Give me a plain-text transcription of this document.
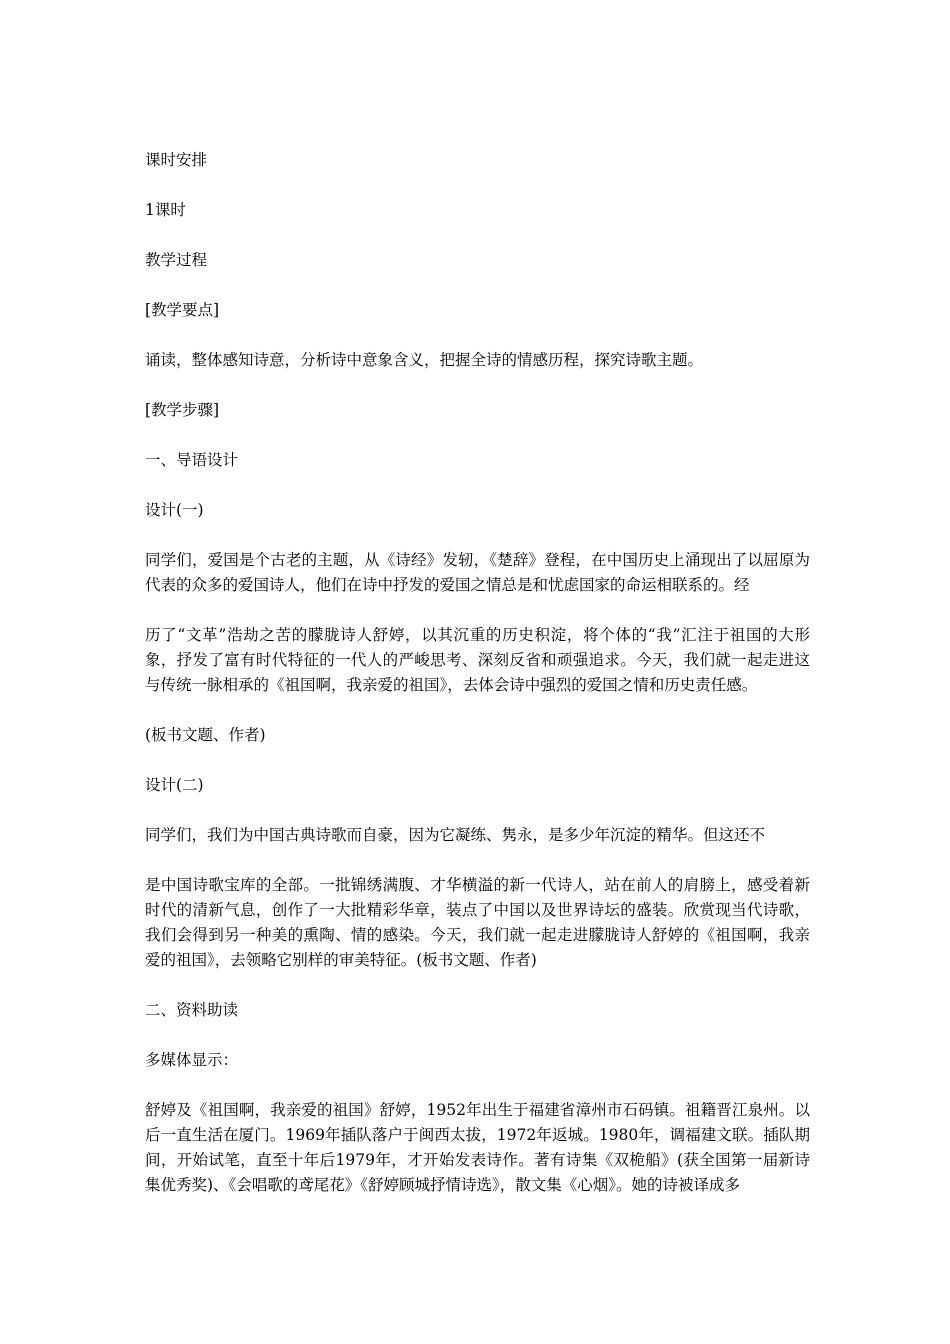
课时安排

1课时

教学过程

[教学要点]

诵读，整体感知诗意，分析诗中意象含义，把握全诗的情感历程，探究诗歌主题。

[教学步骤]

一、导语设计

设计(一)

同学们，爱国是个古老的主题，从《诗经》发轫，《楚辞》登程，在中国历史上涌现出了以屈原为代表的众多的爱国诗人，他们在诗中抒发的爱国之情总是和忧虑国家的命运相联系的。经

历了“文革”浩劫之苦的朦胧诗人舒婷，以其沉重的历史积淀，将个体的“我”汇注于祖国的大形象，抒发了富有时代特征的一代人的严峻思考、深刻反省和顽强追求。今天，我们就一起走进这与传统一脉相承的《祖国啊，我亲爱的祖国》，去体会诗中强烈的爱国之情和历史责任感。

(板书文题、作者)

设计(二)

同学们，我们为中国古典诗歌而自豪，因为它凝练、隽永，是多少年沉淀的精华。但这还不

是中国诗歌宝库的全部。一批锦绣满腹、才华横溢的新一代诗人，站在前人的肩膀上，感受着新时代的清新气息，创作了一大批精彩华章，装点了中国以及世界诗坛的盛装。欣赏现当代诗歌，我们会得到另一种美的熏陶、情的感染。今天，我们就一起走进朦胧诗人舒婷的《祖国啊，我亲爱的祖国》，去领略它别样的审美特征。(板书文题、作者)

二、资料助读

多媒体显示：

舒婷及《祖国啊，我亲爱的祖国》舒婷，1952年出生于福建省漳州市石码镇。祖籍晋江泉州。以后一直生活在厦门。1969年插队落户于闽西太拔，1972年返城。1980年，调福建文联。插队期间，开始试笔，直至十年后1979年，才开始发表诗作。著有诗集《双桅船》(获全国第一届新诗集优秀奖)、《会唱歌的鸢尾花》《舒婷顾城抒情诗选》，散文集《心烟》。她的诗被译成多
